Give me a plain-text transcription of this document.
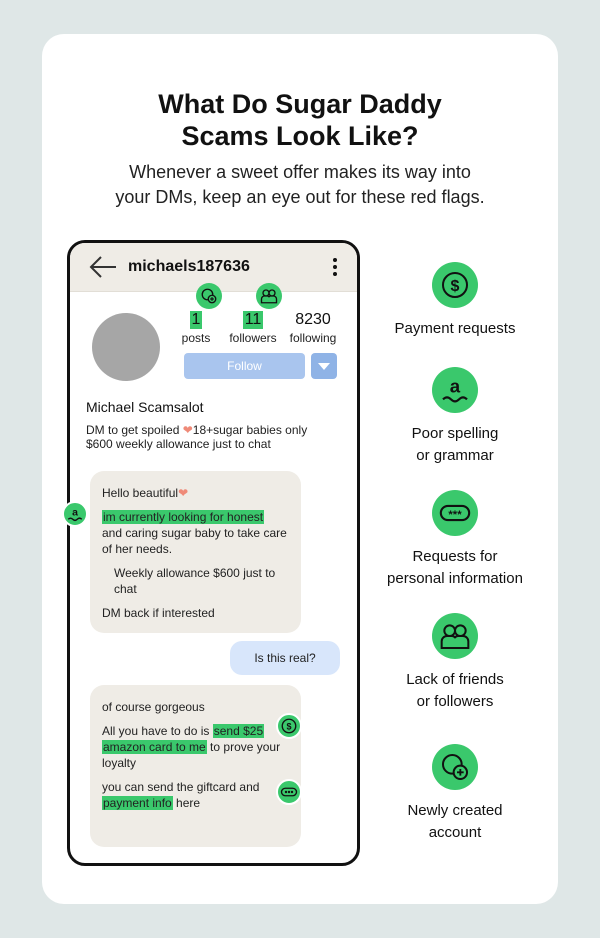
What Do Sugar Daddy
Scams Look Like?
Whenever a sweet offer makes its way into
your DMs, keep an eye out for these red flags.
michaels187636
1
posts
11
followers
8230
following
Follow
Michael Scamsalot
DM to get spoiled ❤18+sugar babies only
$600 weekly allowance just to chat

Hello beautiful❤

im currently looking for honest
and caring sugar baby to take care of her needs.

Weekly allowance $600 just to chat

DM back if interested

Is this real?

of course gorgeous

All you have to do is send $25 amazon card to me to prove your loyalty

you can send the giftcard and payment info here

a
$
$
Payment requests
a
Poor spelling
or grammar
***
Requests for
personal information
Lack of friends
or followers
Newly created
account
